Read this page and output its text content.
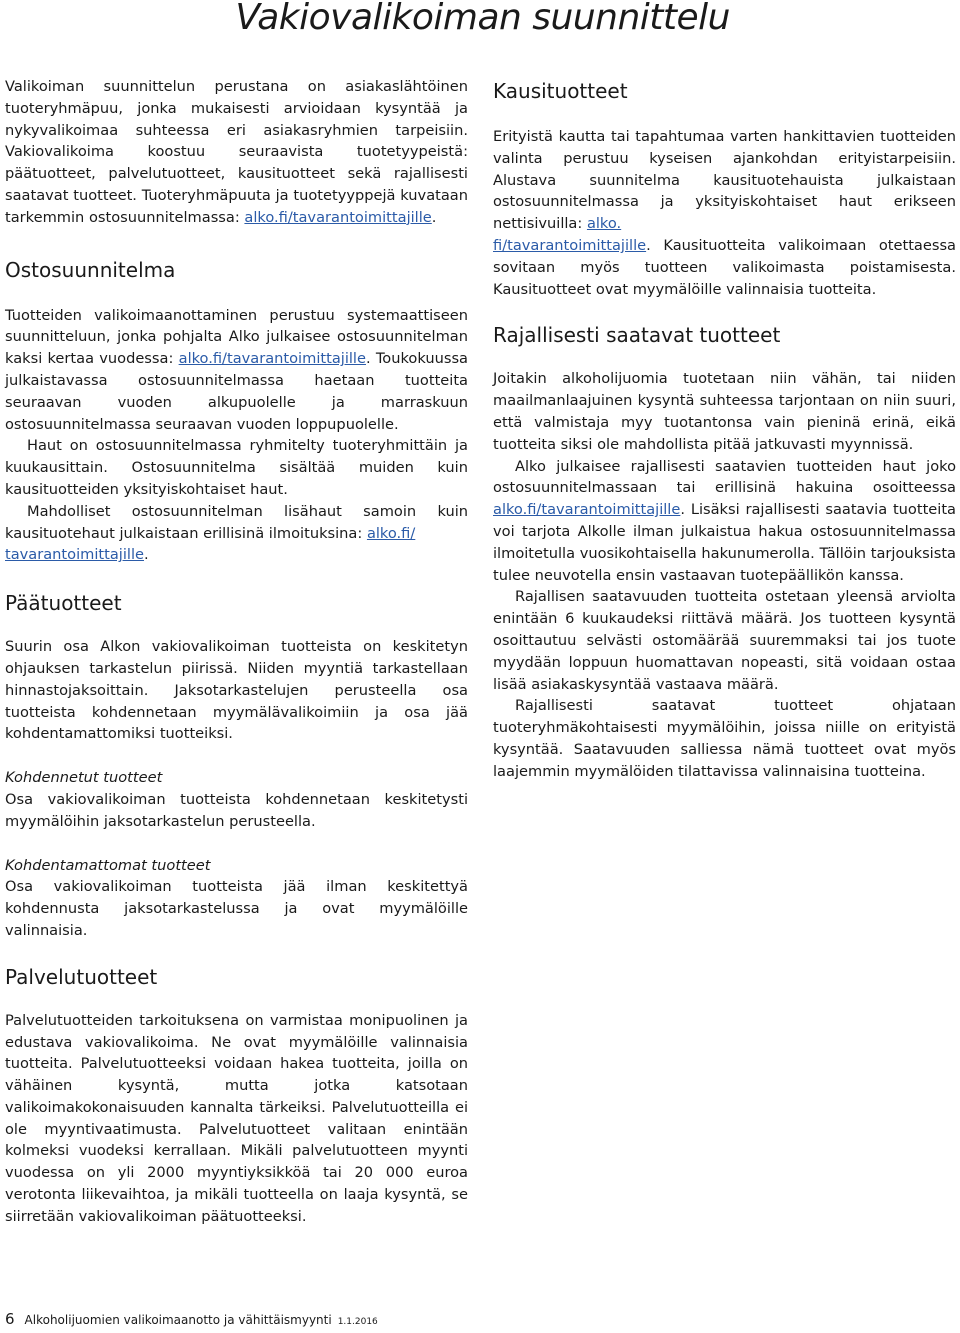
Vakiovalikoiman suunnittelu

Valikoiman suunnittelun perustana on asiakaslähtöinen tuoteryhmäpuu, jonka mukaisesti arvioidaan kysyntää ja nykyvalikoimaa suhteessa eri asiakasryhmien tarpeisiin. Vakiovalikoima koostuu seuraavista tuotetyypeistä: päätuotteet, palvelutuotteet, kausituotteet sekä rajallisesti saatavat tuotteet. Tuoteryhmäpuuta ja tuotetyyppejä kuvataan tarkemmin ostosuunnitelmassa: alko.fi/tavarantoimittajille.

Ostosuunnitelma

Tuotteiden valikoimaanottaminen perustuu systemaattiseen suunnitteluun, jonka pohjalta Alko julkaisee ostosuunnitelman kaksi kertaa vuodessa: alko.fi/tavarantoimittajille. Toukokuussa julkaistavassa ostosuunnitelmassa haetaan tuotteita seuraavan vuoden alkupuolelle ja marraskuun ostosuunnitelmassa seuraavan vuoden loppupuolelle.

Haut on ostosuunnitelmassa ryhmitelty tuoteryhmittäin ja kuukausittain. Ostosuunnitelma sisältää muiden kuin kausituotteiden yksityiskohtaiset haut.

Mahdolliset ostosuunnitelman lisähaut samoin kuin kausituotehaut julkaistaan erillisinä ilmoituksina: alko.fi/
tavarantoimittajille.

Päätuotteet

Suurin osa Alkon vakiovalikoiman tuotteista on keskitetyn ohjauksen tarkastelun piirissä. Niiden myyntiä tarkastellaan hinnastojaksoittain. Jaksotarkastelujen perusteella osa tuotteista kohdennetaan myymälävalikoimiin ja osa jää kohdentamattomiksi tuotteiksi.

Kohdennetut tuotteet

Osa vakiovalikoiman tuotteista kohdennetaan keskitetysti myymälöihin jaksotarkastelun perusteella.

Kohdentamattomat tuotteet

Osa vakiovalikoiman tuotteista jää ilman keskitettyä kohdennusta jaksotarkastelussa ja ovat myymälöille valinnaisia.

Palvelutuotteet

Palvelutuotteiden tarkoituksena on varmistaa monipuolinen ja edustava vakiovalikoima. Ne ovat myymälöille valinnaisia tuotteita. Palvelutuotteeksi voidaan hakea tuotteita, joilla on vähäinen kysyntä, mutta jotka katsotaan valikoimakokonaisuuden kannalta tärkeiksi. Palvelutuotteilla ei ole myyntivaatimusta. Palvelutuotteet valitaan enintään kolmeksi vuodeksi kerrallaan. Mikäli palvelutuotteen myynti vuodessa on yli 2000 myyntiyksikköä tai 20 000 euroa verotonta liikevaihtoa, ja mikäli tuotteella on laaja kysyntä, se siirretään vakiovalikoiman päätuotteeksi.

Kausituotteet

Erityistä kautta tai tapahtumaa varten hankittavien tuotteiden valinta perustuu kyseisen ajankohdan erityistarpeisiin. Alustava suunnitelma kausituotehauista julkaistaan ostosuunnitelmassa ja yksityiskohtaiset haut erikseen nettisivuilla: alko.
fi/tavarantoimittajille. Kausituotteita valikoimaan otettaessa sovitaan myös tuotteen valikoimasta poistamisesta. Kausituotteet ovat myymälöille valinnaisia tuotteita.

Rajallisesti saatavat tuotteet

Joitakin alkoholijuomia tuotetaan niin vähän, tai niiden maailmanlaajuinen kysyntä suhteessa tarjontaan on niin suuri, että valmistaja myy tuotantonsa vain pieninä erinä, eikä tuotteita siksi ole mahdollista pitää jatkuvasti myynnissä.

Alko julkaisee rajallisesti saatavien tuotteiden haut joko ostosuunnitelmassaan tai erillisinä hakuina osoitteessa alko.fi/tavarantoimittajille. Lisäksi rajallisesti saatavia tuotteita voi tarjota Alkolle ilman julkaistua hakua ostosuunnitelmassa ilmoitetulla vuosikohtaisella hakunumerolla. Tällöin tarjouksista tulee neuvotella ensin vastaavan tuotepäällikön kanssa.

Rajallisen saatavuuden tuotteita ostetaan yleensä arviolta enintään 6 kuukaudeksi riittävä määrä. Jos tuotteen kysyntä osoittautuu selvästi ostomäärää suuremmaksi tai jos tuote myydään loppuun huomattavan nopeasti, sitä voidaan ostaa lisää asiakaskysyntää vastaava määrä.

Rajallisesti saatavat tuotteet ohjataan tuoteryhmäkohtaisesti myymälöihin, joissa niille on erityistä kysyntää. Saatavuuden salliessa nämä tuotteet ovat myös laajemmin myymälöiden tilattavissa valinnaisina tuotteina.

6 Alkoholijuomien valikoimaanotto ja vähittäismyynti 1.1.2016
